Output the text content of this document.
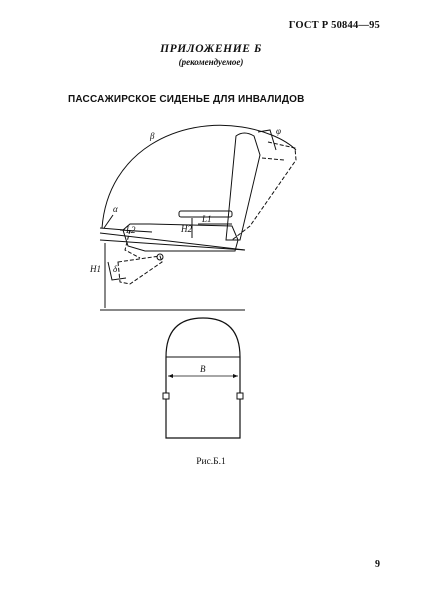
ГОСТ Р 50844—95
ПРИЛОЖЕНИЕ Б
(рекомендуемое)
ПАССАЖИРСКОЕ СИДЕНЬЕ ДЛЯ ИНВАЛИДОВ
β	φ
α
H2
L1
L2
H1 δ
B
Рис.Б.1
9
